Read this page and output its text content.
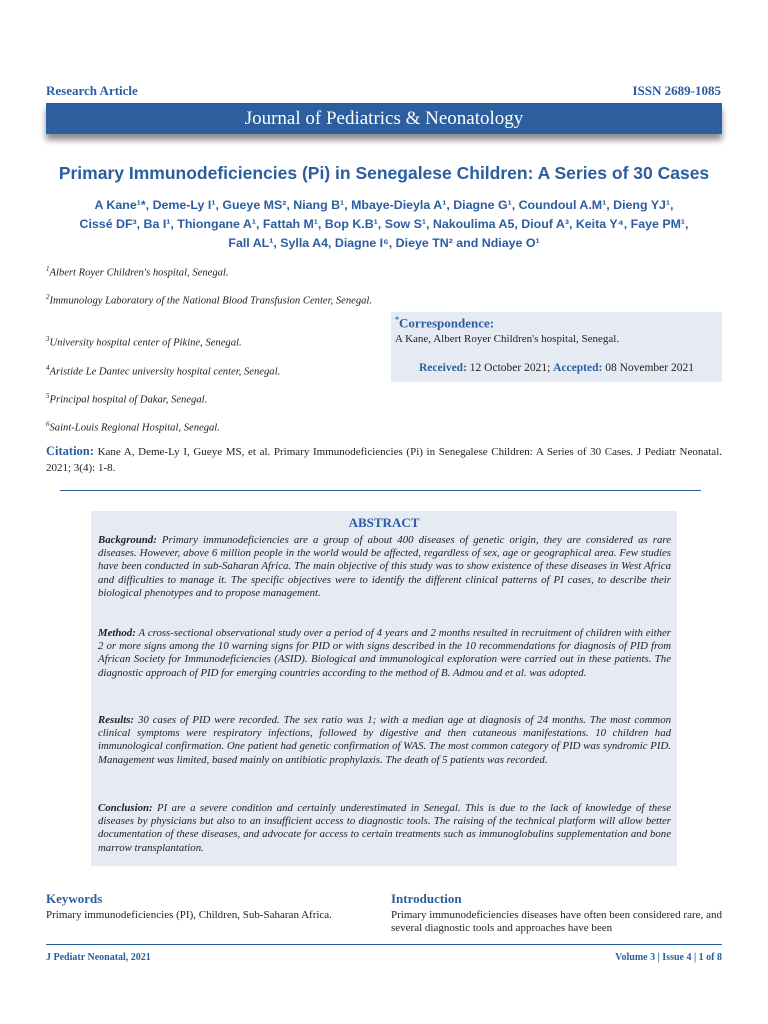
Research Article	ISSN 2689-1085
Journal of Pediatrics & Neonatology
Primary Immunodeficiencies (Pi) in Senegalese Children: A Series of 30 Cases
A Kane¹*, Deme-Ly I¹, Gueye MS², Niang B¹, Mbaye-Dieyla A¹, Diagne G¹, Coundoul A.M¹, Dieng YJ¹,
Cissé DF³, Ba I¹, Thiongane A¹, Fattah M¹, Bop K.B¹, Sow S¹, Nakoulima A5, Diouf A³, Keita Y⁴, Faye PM¹,
Fall AL¹, Sylla A4, Diagne I⁶, Dieye TN² and Ndiaye O¹
$^1$Albert Royer Children's hospital, Senegal.
$^2$Immunology Laboratory of the National Blood Transfusion Center, Senegal.
$^3$University hospital center of Pikine, Senegal.
$^4$Aristide Le Dantec university hospital center, Senegal.
$^5$Principal hospital of Dakar, Senegal.
$^6$Saint-Louis Regional Hospital, Senegal.
*Correspondence:
A Kane, Albert Royer Children's hospital, Senegal.
Received: 12 October 2021; Accepted: 08 November 2021
Citation: Kane A, Deme-Ly I, Gueye MS, et al. Primary Immunodeficiencies (Pi) in Senegalese Children: A Series of 30 Cases. J Pediatr Neonatal. 2021; 3(4): 1-8.
ABSTRACT
Background: Primary immunodeficiencies are a group of about 400 diseases of genetic origin, they are considered as rare diseases. However, above 6 million people in the world would be affected, regardless of sex, age or geographical area. Few studies have been conducted in sub-Saharan Africa. The main objective of this study was to show existence of these diseases in West Africa and difficulties to manage it. The specific objectives were to identify the different clinical patterns of PI cases, to describe their biological phenotypes and to propose management.
Method: A cross-sectional observational study over a period of 4 years and 2 months resulted in recruitment of children with either 2 or more signs among the 10 warning signs for PID or with signs described in the 10 recommendations for diagnosis of PID from African Society for Immunodeficiencies (ASID). Biological and immunological exploration were carried out in these patients. The diagnostic approach of PID for emerging countries according to the method of B. Admou and et al. was adopted.
Results: 30 cases of PID were recorded. The sex ratio was 1; with a median age at diagnosis of 24 months. The most common clinical symptoms were respiratory infections, followed by digestive and then cutaneous manifestations. 10 children had immunological confirmation. One patient had genetic confirmation of WAS. The most common category of PID was syndromic PID. Management was limited, based mainly on antibiotic prophylaxis. The death of 5 patients was recorded.
Conclusion: PI are a severe condition and certainly underestimated in Senegal. This is due to the lack of knowledge of these diseases by physicians but also to an insufficient access to diagnostic tools. The raising of the technical platform will allow better documentation of these diseases, and advocate for access to certain treatments such as immunoglobulins supplementation and bone marrow transplantation.
Keywords
Primary immunodeficiencies (PI), Children, Sub-Saharan Africa.
Introduction
Primary immunodeficiencies diseases have often been considered rare, and several diagnostic tools and approaches have been
J Pediatr Neonatal, 2021	Volume 3 | Issue 4 | 1 of 8
